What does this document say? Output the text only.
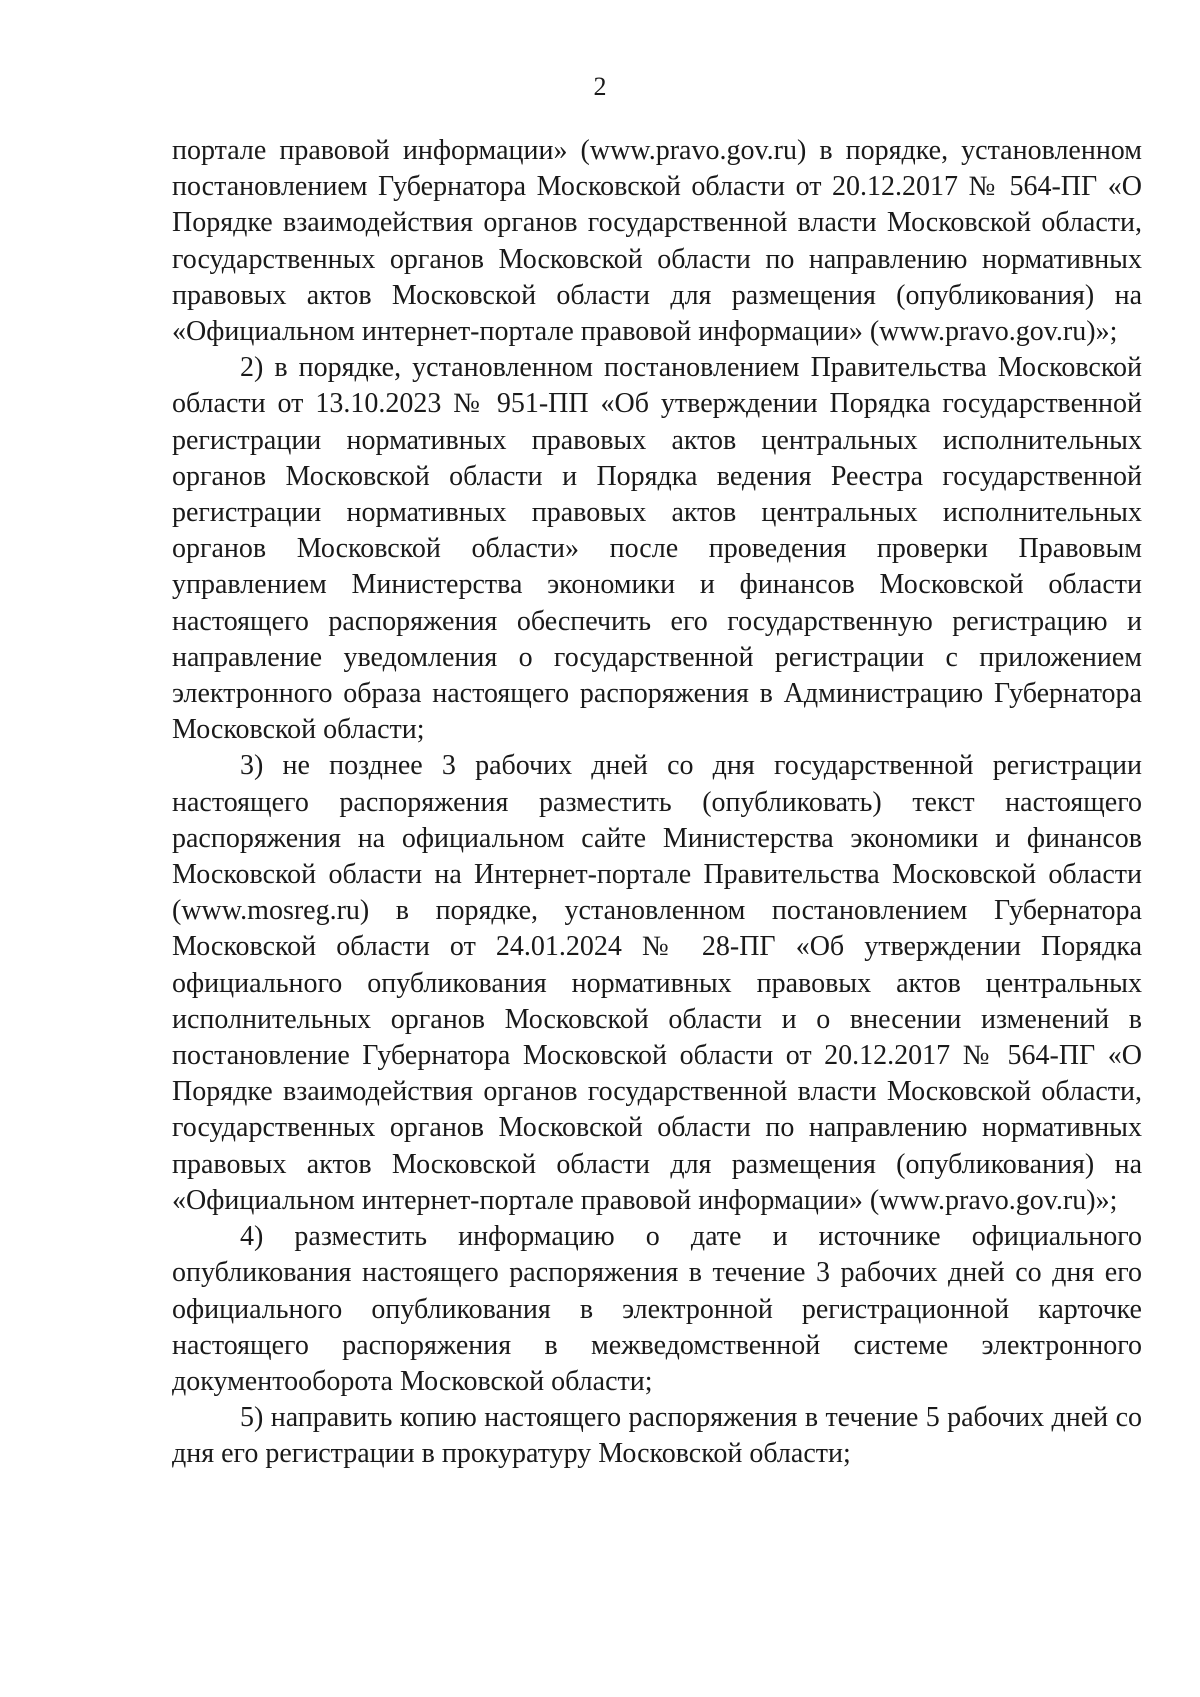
2

портале правовой информации» (www.pravo.gov.ru) в порядке, установленном постановлением Губернатора Московской области от 20.12.2017 № 564-ПГ «О Порядке взаимодействия органов государственной власти Московской области, государственных органов Московской области по направлению нормативных правовых актов Московской области для размещения (опубликования) на «Официальном интернет-портале правовой информации» (www.pravo.gov.ru)»;

2) в порядке, установленном постановлением Правительства Московской области от 13.10.2023 № 951-ПП «Об утверждении Порядка государственной регистрации нормативных правовых актов центральных исполнительных органов Московской области и Порядка ведения Реестра государственной регистрации нормативных правовых актов центральных исполнительных органов Московской области» после проведения проверки Правовым управлением Министерства экономики и финансов Московской области настоящего распоряжения обеспечить его государственную регистрацию и направление уведомления о государственной регистрации с приложением электронного образа настоящего распоряжения в Администрацию Губернатора Московской области;

3) не позднее 3 рабочих дней со дня государственной регистрации настоящего распоряжения разместить (опубликовать) текст настоящего распоряжения на официальном сайте Министерства экономики и финансов Московской области на Интернет-портале Правительства Московской области (www.mosreg.ru) в порядке, установленном постановлением Губернатора Московской области от 24.01.2024 № 28-ПГ «Об утверждении Порядка официального опубликования нормативных правовых актов центральных исполнительных органов Московской области и о внесении изменений в постановление Губернатора Московской области от 20.12.2017 № 564-ПГ «О Порядке взаимодействия органов государственной власти Московской области, государственных органов Московской области по направлению нормативных правовых актов Московской области для размещения (опубликования) на «Официальном интернет-портале правовой информации» (www.pravo.gov.ru)»;

4) разместить информацию о дате и источнике официального опубликования настоящего распоряжения в течение 3 рабочих дней со дня его официального опубликования в электронной регистрационной карточке настоящего распоряжения в межведомственной системе электронного документооборота Московской области;

5) направить копию настоящего распоряжения в течение 5 рабочих дней со дня его регистрации в прокуратуру Московской области;
